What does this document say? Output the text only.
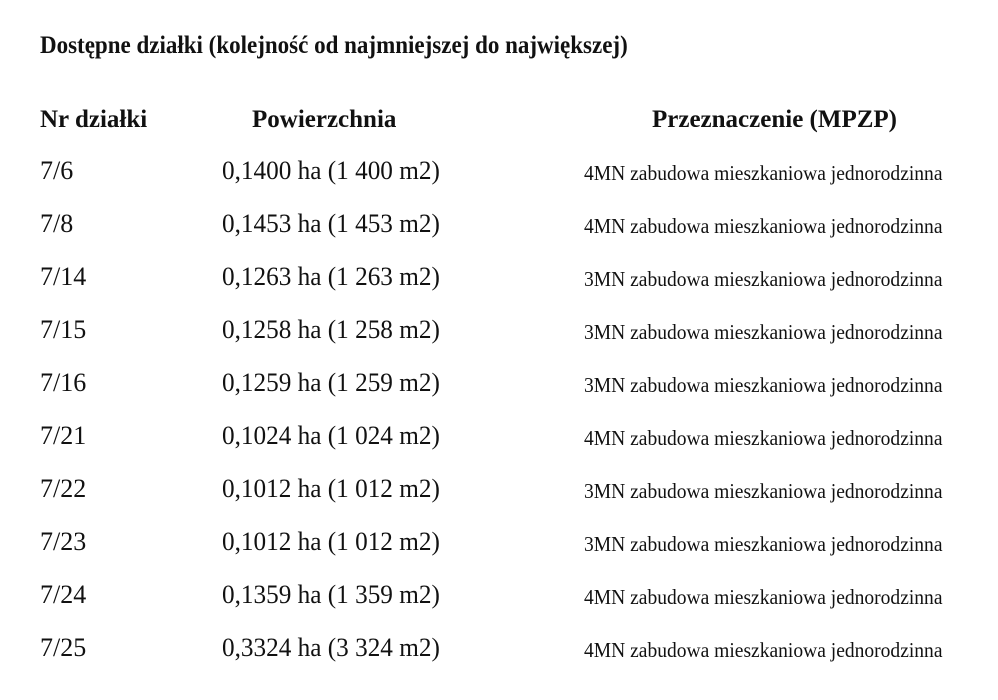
Dostępne działki (kolejność od najmniejszej do największej)
Nr działki	Powierzchnia	Przeznaczenie (MPZP)
7/6	0,1400 ha (1 400 m2)	4MN zabudowa mieszkaniowa jednorodzinna
7/8	0,1453 ha (1 453 m2)	4MN zabudowa mieszkaniowa jednorodzinna
7/14	0,1263 ha (1 263 m2)	3MN zabudowa mieszkaniowa jednorodzinna
7/15	0,1258 ha (1 258 m2)	3MN zabudowa mieszkaniowa jednorodzinna
7/16	0,1259 ha (1 259 m2)	3MN zabudowa mieszkaniowa jednorodzinna
7/21	0,1024 ha (1 024 m2)	4MN zabudowa mieszkaniowa jednorodzinna
7/22	0,1012 ha (1 012 m2)	3MN zabudowa mieszkaniowa jednorodzinna
7/23	0,1012 ha (1 012 m2)	3MN zabudowa mieszkaniowa jednorodzinna
7/24	0,1359 ha (1 359 m2)	4MN zabudowa mieszkaniowa jednorodzinna
7/25	0,3324 ha (3 324 m2)	4MN zabudowa mieszkaniowa jednorodzinna
